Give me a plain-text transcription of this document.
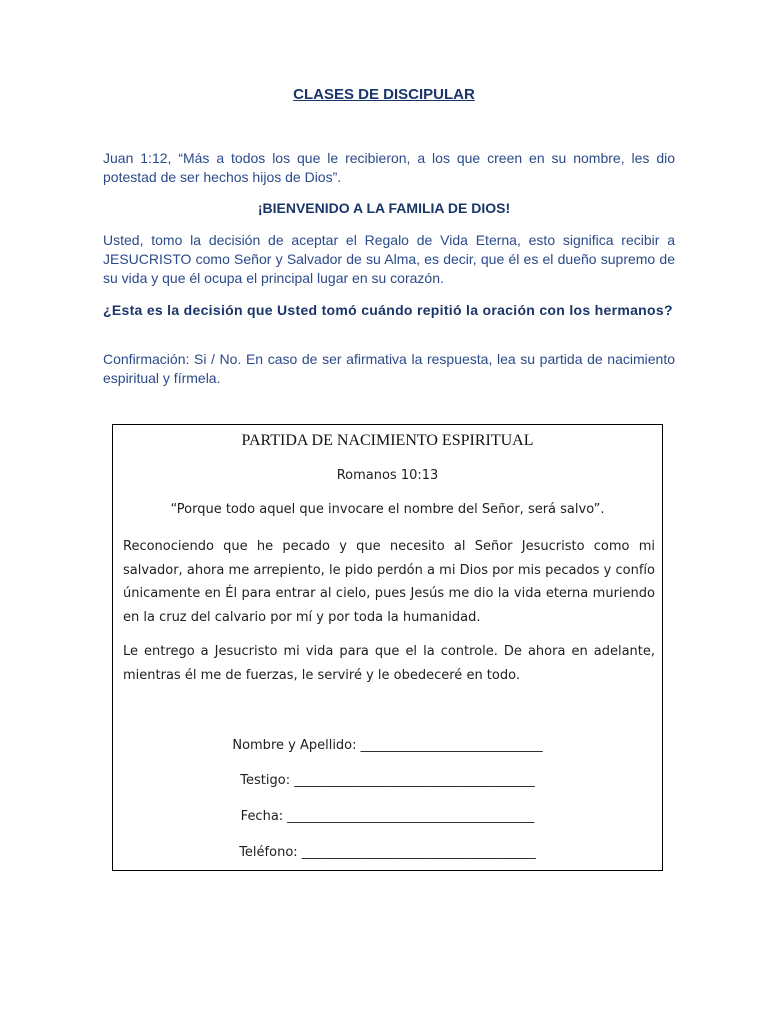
CLASES DE DISCIPULAR

Juan 1:12, “Más a todos los que le recibieron, a los que creen en su nombre, les dio potestad de ser hechos hijos de Dios”.

¡BIENVENIDO A LA FAMILIA DE DIOS!

Usted, tomo la decisión de aceptar el Regalo de Vida Eterna, esto significa recibir a JESUCRISTO como Señor y Salvador de su Alma, es decir, que él es el dueño supremo de su vida y que él ocupa el principal lugar en su corazón.

¿Esta es la decisión que Usted tomó cuándo repitió la oración con los hermanos?

Confirmación: Si / No. En caso de ser afirmativa la respuesta, lea su partida de nacimiento espiritual y fírmela.

PARTIDA DE NACIMIENTO ESPIRITUAL

Romanos 10:13

“Porque todo aquel que invocare el nombre del Señor, será salvo”.

Reconociendo que he pecado y que necesito al Señor Jesucristo como mi salvador, ahora me arrepiento, le pido perdón a mi Dios por mis pecados y confío únicamente en Él para entrar al cielo, pues Jesús me dio la vida eterna muriendo en la cruz del calvario por mí y por toda la humanidad.

Le entrego a Jesucristo mi vida para que el la controle. De ahora en adelante, mientras él me de fuerzas, le serviré y le obedeceré en todo.

Nombre y Apellido: ____________________________

Testigo: _____________________________________

Fecha: ______________________________________

Teléfono: ____________________________________
